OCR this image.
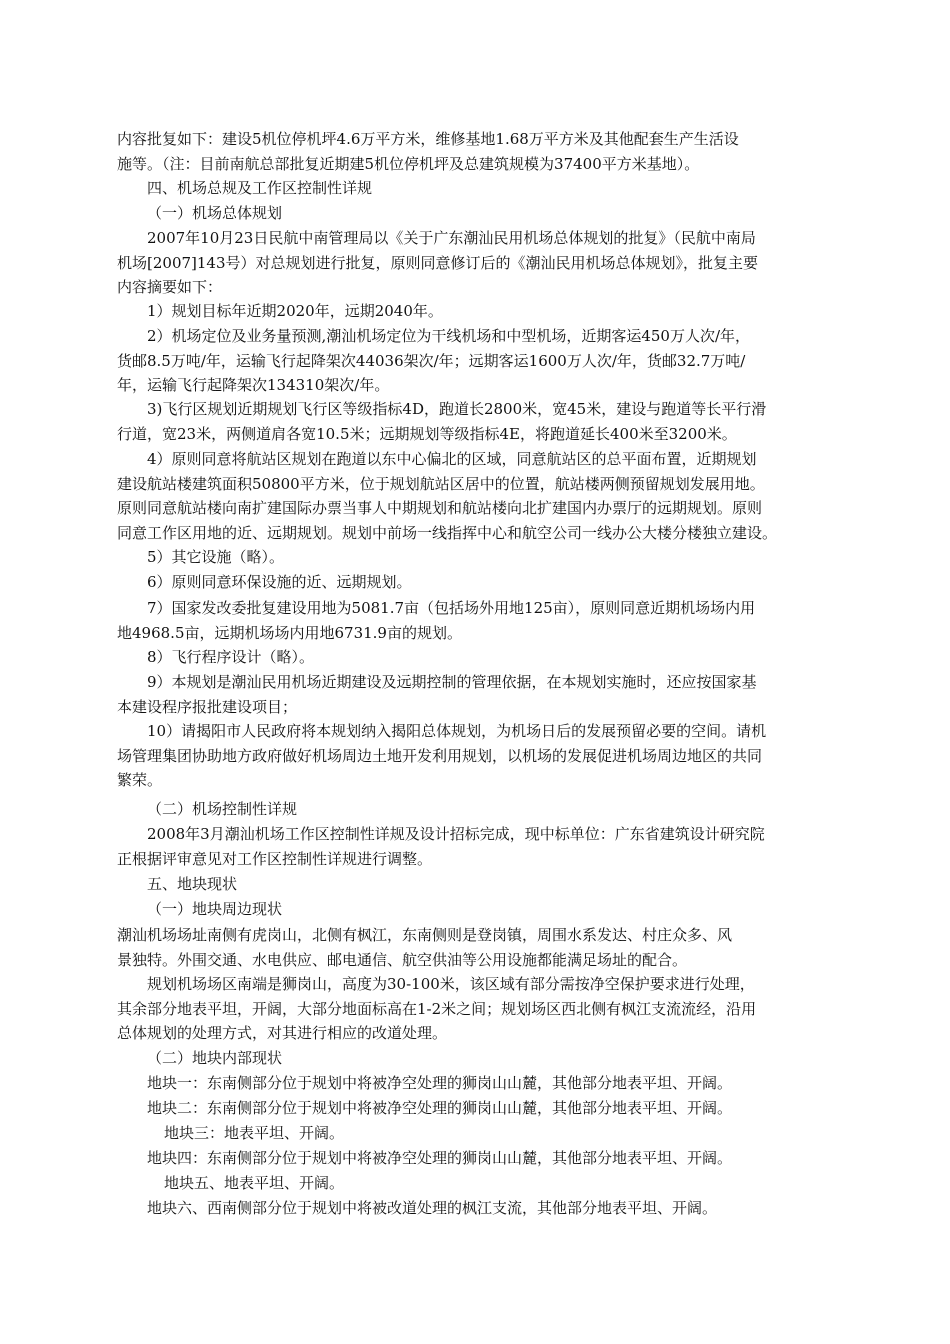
内容批复如下：建设5机位停机坪4.6万平方米，维修基地1.68万平方米及其他配套生产生活设
施等。（注：目前南航总部批复近期建5机位停机坪及总建筑规模为37400平方米基地）。
四、机场总规及工作区控制性详规
（一）机场总体规划
2007年10月23日民航中南管理局以《关于广东潮汕民用机场总体规划的批复》（民航中南局
机场[2007]143号）对总规划进行批复，原则同意修订后的《潮汕民用机场总体规划》，批复主要
内容摘要如下：
1）规划目标年近期2020年，远期2040年。
2）机场定位及业务量预测,潮汕机场定位为干线机场和中型机场，近期客运450万人次/年，
货邮8.5万吨/年，运输飞行起降架次44036架次/年；远期客运1600万人次/年，货邮32.7万吨/
年，运输飞行起降架次134310架次/年。
3)飞行区规划近期规划飞行区等级指标4D，跑道长2800米，宽45米，建设与跑道等长平行滑
行道，宽23米，两侧道肩各宽10.5米；远期规划等级指标4E，将跑道延长400米至3200米。
4）原则同意将航站区规划在跑道以东中心偏北的区域，同意航站区的总平面布置，近期规划
建设航站楼建筑面积50800平方米，位于规划航站区居中的位置，航站楼两侧预留规划发展用地。
原则同意航站楼向南扩建国际办票当事人中期规划和航站楼向北扩建国内办票厅的远期规划。原则
同意工作区用地的近、远期规划。规划中前场一线指挥中心和航空公司一线办公大楼分楼独立建设。
5）其它设施（略）。
6）原则同意环保设施的近、远期规划。
7）国家发改委批复建设用地为5081.7亩（包括场外用地125亩），原则同意近期机场场内用
地4968.5亩，远期机场场内用地6731.9亩的规划。
8）飞行程序设计（略）。
9）本规划是潮汕民用机场近期建设及远期控制的管理依据，在本规划实施时，还应按国家基
本建设程序报批建设项目；
10）请揭阳市人民政府将本规划纳入揭阳总体规划，为机场日后的发展预留必要的空间。请机
场管理集团协助地方政府做好机场周边土地开发利用规划，以机场的发展促进机场周边地区的共同
繁荣。
（二）机场控制性详规
2008年3月潮汕机场工作区控制性详规及设计招标完成，现中标单位：广东省建筑设计研究院
正根据评审意见对工作区控制性详规进行调整。
五、地块现状
（一）地块周边现状
潮汕机场场址南侧有虎岗山，北侧有枫江，东南侧则是登岗镇，周围水系发达、村庄众多、风
景独特。外围交通、水电供应、邮电通信、航空供油等公用设施都能满足场址的配合。
规划机场场区南端是狮岗山，高度为30-100米，该区域有部分需按净空保护要求进行处理，
其余部分地表平坦，开阔，大部分地面标高在1-2米之间；规划场区西北侧有枫江支流流经，沿用
总体规划的处理方式，对其进行相应的改道处理。
（二）地块内部现状
地块一：东南侧部分位于规划中将被净空处理的狮岗山山麓，其他部分地表平坦、开阔。
地块二：东南侧部分位于规划中将被净空处理的狮岗山山麓，其他部分地表平坦、开阔。
地块三：地表平坦、开阔。
地块四：东南侧部分位于规划中将被净空处理的狮岗山山麓，其他部分地表平坦、开阔。
地块五、地表平坦、开阔。
地块六、西南侧部分位于规划中将被改道处理的枫江支流，其他部分地表平坦、开阔。
